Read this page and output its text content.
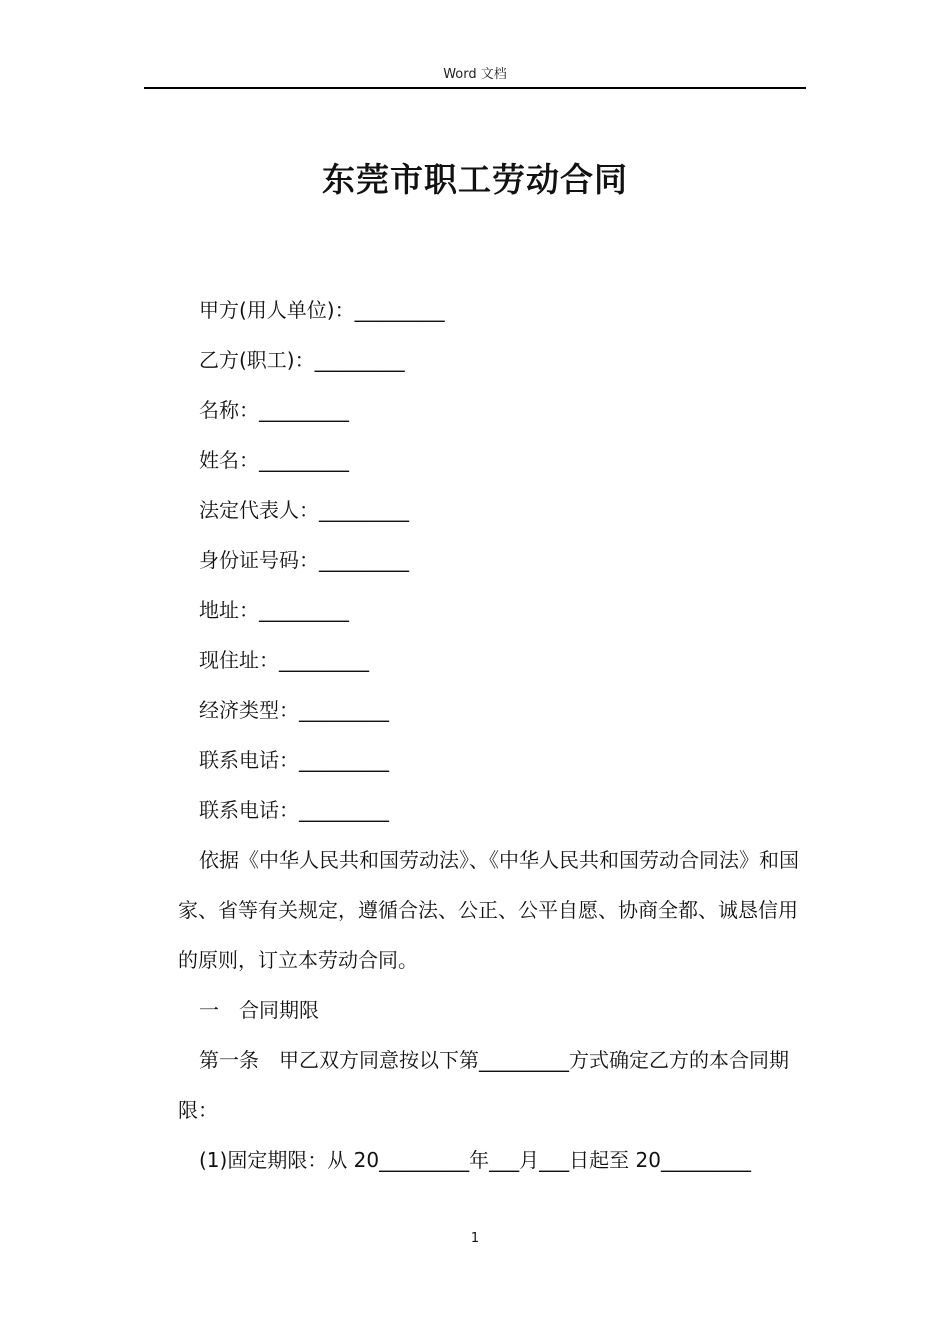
Word 文档
东莞市职工劳动合同

甲方(用人单位)：_________

乙方(职工)：_________

名称：_________

姓名：_________

法定代表人：_________

身份证号码：_________

地址：_________

现住址：_________

经济类型：_________

联系电话：_________

联系电话：_________

依据《中华人民共和国劳动法》、《中华人民共和国劳动合同法》和国家、省等有关规定，遵循合法、公正、公平自愿、协商全都、诚恳信用的原则，订立本劳动合同。

一　合同期限

第一条　甲乙双方同意按以下第_________方式确定乙方的本合同期限：

(1)固定期限：从 20_________年___月___日起至 20_________

1
